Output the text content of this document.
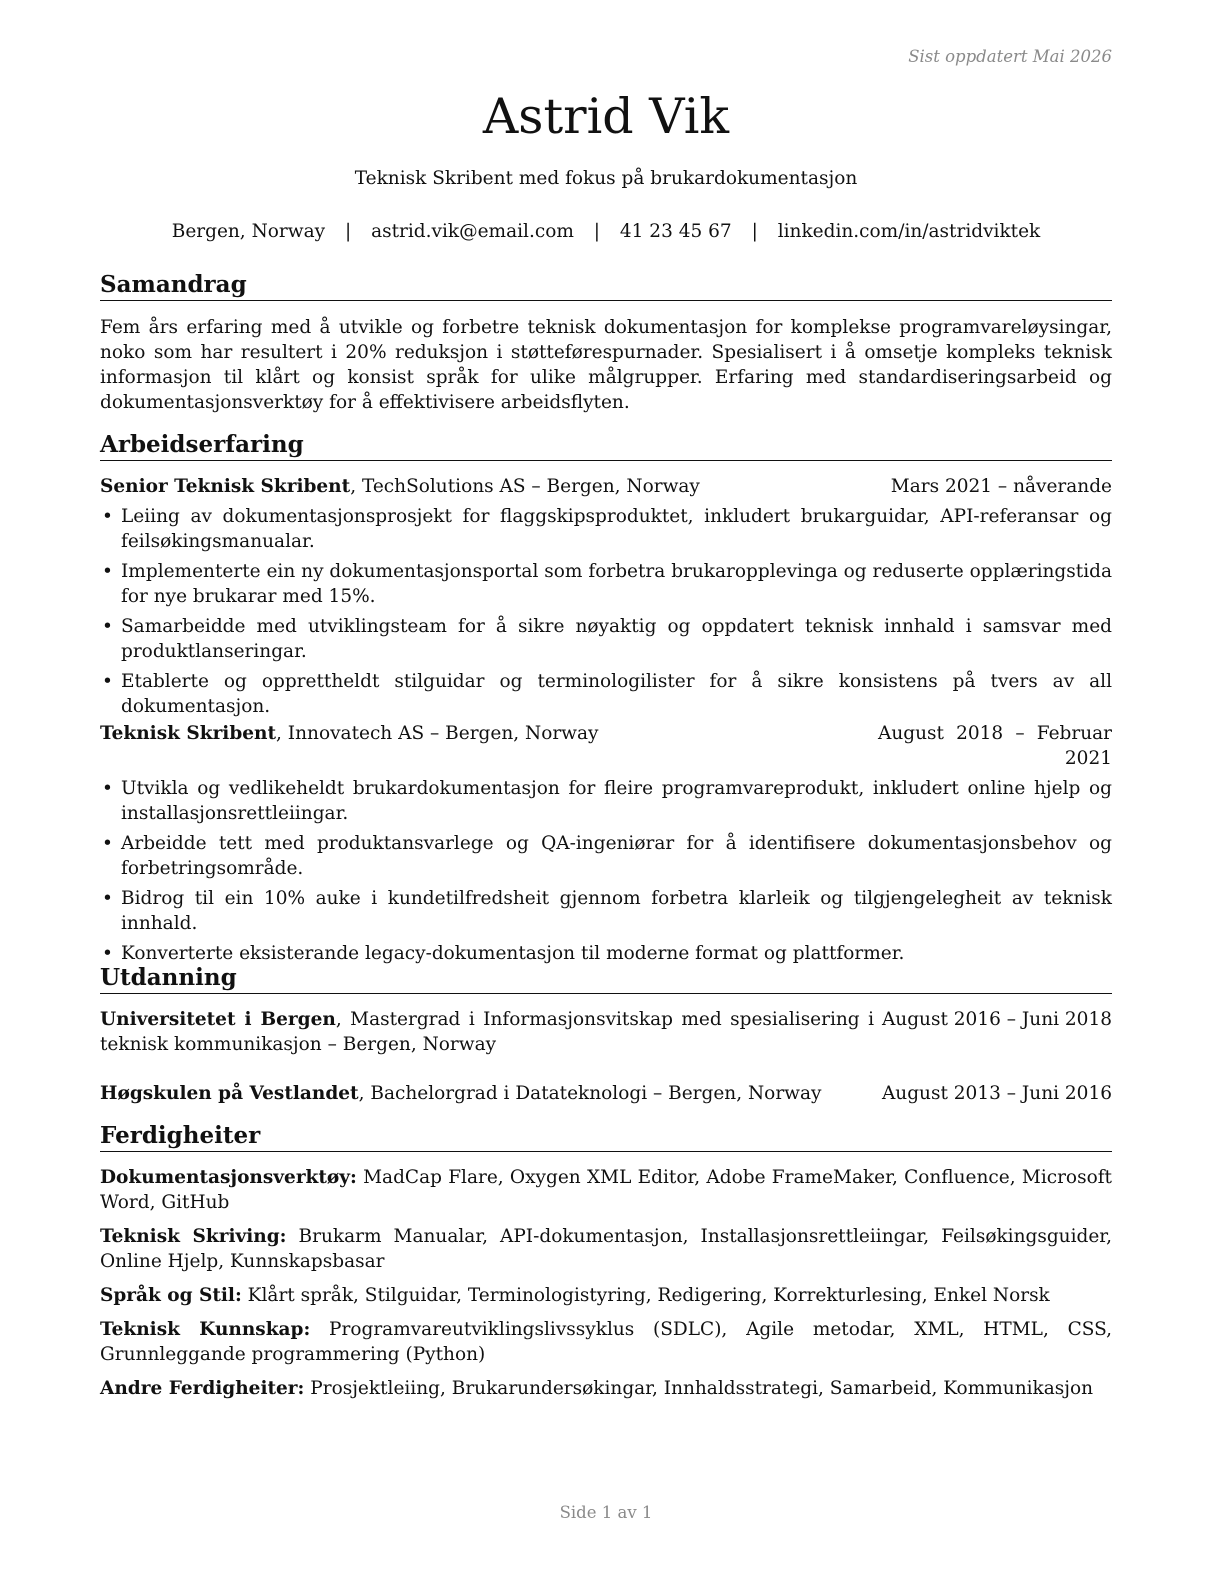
Sist oppdatert Mai 2026
Astrid Vik
Teknisk Skribent med fokus på brukardokumentasjon
Bergen, Norway | astrid.vik@email.com | 41 23 45 67 | linkedin.com/in/astridviktek
Samandrag
Fem års erfaring med å utvikle og forbetre teknisk dokumentasjon for komplekse programvareløysingar, noko som har resultert i 20% reduksjon i støtteførespurnader. Spesialisert i å omsetje kompleks teknisk informasjon til klårt og konsist språk for ulike målgrupper. Erfaring med standardiseringsarbeid og dokumentasjonsverktøy for å effektivisere arbeidsflyten.
Arbeidserfaring
Senior Teknisk Skribent, TechSolutions AS – Bergen, Norway	Mars 2021 – nåverande
• Leiing av dokumentasjonsprosjekt for flaggskipsproduktet, inkludert brukarguidar, API-referansar og feilsøkingsmanualar.
• Implementerte ein ny dokumentasjonsportal som forbetra brukaropplevinga og reduserte opplæringstida for nye brukarar med 15%.
• Samarbeidde med utviklingsteam for å sikre nøyaktig og oppdatert teknisk innhald i samsvar med produktlanseringar.
• Etablerte og opprettheldt stilguidar og terminologilister for å sikre konsistens på tvers av all dokumentasjon.
Teknisk Skribent, Innovatech AS – Bergen, Norway	August 2018 – Februar
2021
• Utvikla og vedlikeheldt brukardokumentasjon for fleire programvareprodukt, inkludert online hjelp og installasjonsrettleiingar.
• Arbeidde tett med produktansvarlege og QA-ingeniørar for å identifisere dokumentasjonsbehov og forbetringsområde.
• Bidrog til ein 10% auke i kundetilfredsheit gjennom forbetra klarleik og tilgjengelegheit av teknisk innhald.
• Konverterte eksisterande legacy-dokumentasjon til moderne format og plattformer.
Utdanning
Universitetet i Bergen, Mastergrad i Informasjonsvitskap med spesialisering i teknisk kommunikasjon – Bergen, Norway
August 2016 – Juni 2018
Høgskulen på Vestlandet, Bachelorgrad i Datateknologi – Bergen, Norway	August 2013 – Juni 2016
Ferdigheiter
Dokumentasjonsverktøy: MadCap Flare, Oxygen XML Editor, Adobe FrameMaker, Confluence, Microsoft Word, GitHub
Teknisk Skriving: Brukarm Manualar, API-dokumentasjon, Installasjonsrettleiingar, Feilsøkingsguider, Online Hjelp, Kunnskapsbasar
Språk og Stil: Klårt språk, Stilguidar, Terminologistyring, Redigering, Korrekturlesing, Enkel Norsk
Teknisk Kunnskap: Programvareutviklingslivssyklus (SDLC), Agile metodar, XML, HTML, CSS, Grunnleggande programmering (Python)
Andre Ferdigheiter: Prosjektleiing, Brukarundersøkingar, Innhaldsstrategi, Samarbeid, Kommunikasjon
Side 1 av 1
